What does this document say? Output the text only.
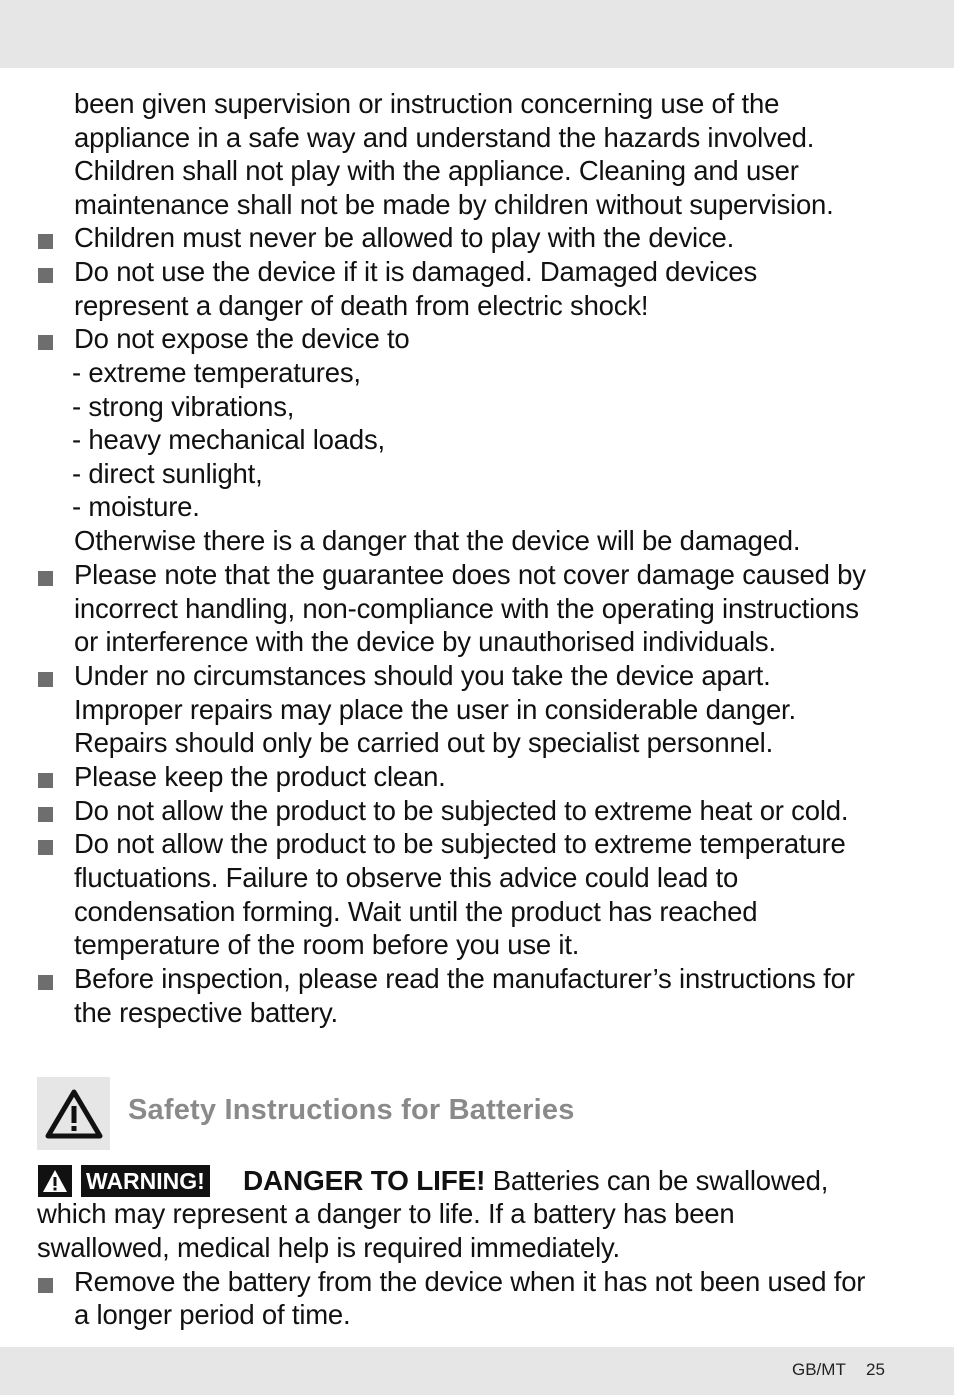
been given supervision or instruction concerning use of the
appliance in a safe way and understand the hazards involved.
Children shall not play with the appliance. Cleaning and user
maintenance shall not be made by children without supervision.
Children must never be allowed to play with the device.
Do not use the device if it is damaged. Damaged devices
represent a danger of death from electric shock!
Do not expose the device to
- extreme temperatures,
- strong vibrations,
- heavy mechanical loads,
- direct sunlight,
- moisture.
Otherwise there is a danger that the device will be damaged.
Please note that the guarantee does not cover damage caused by
incorrect handling, non-compliance with the operating instructions
or interference with the device by unauthorised individuals.
Under no circumstances should you take the device apart.
Improper repairs may place the user in considerable danger.
Repairs should only be carried out by specialist personnel.
Please keep the product clean.
Do not allow the product to be subjected to extreme heat or cold.
Do not allow the product to be subjected to extreme temperature
fluctuations. Failure to observe this advice could lead to
condensation forming. Wait until the product has reached
temperature of the room before you use it.
Before inspection, please read the manufacturer’s instructions for
the respective battery.
Safety Instructions for Batteries
WARNING! DANGER TO LIFE! Batteries can be swallowed,
which may represent a danger to life. If a battery has been
swallowed, medical help is required immediately.
Remove the battery from the device when it has not been used for
a longer period of time.
GB/MT 25
